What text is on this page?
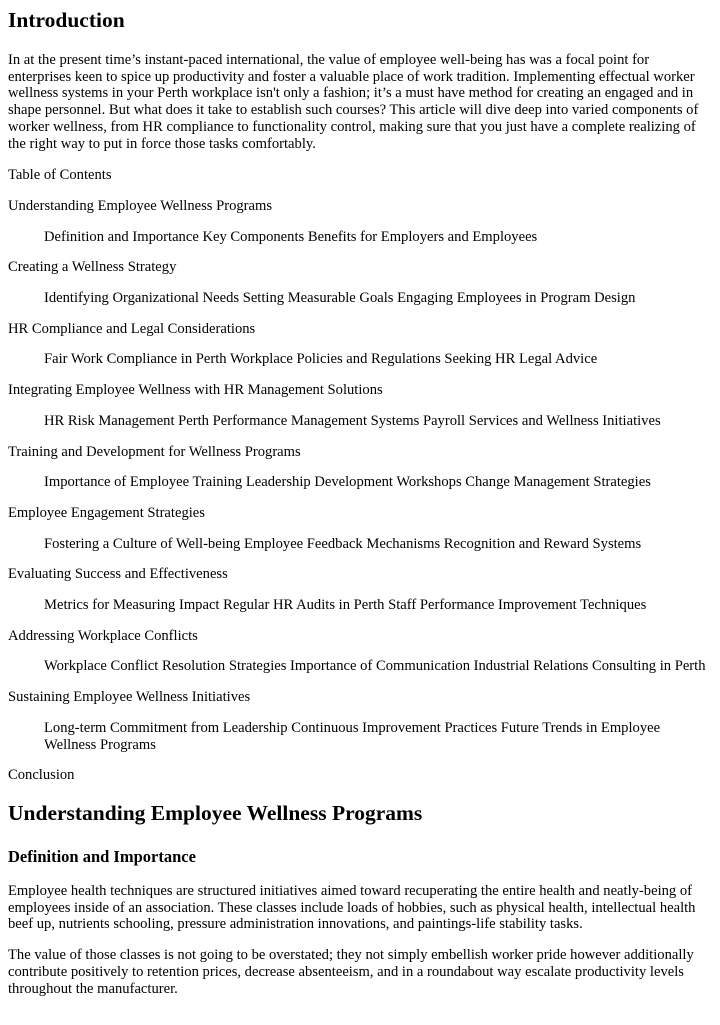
Introduction

In at the present time’s instant-paced international, the value of employee well-being has was a focal point for enterprises keen to spice up productivity and foster a valuable place of work tradition. Implementing effectual worker wellness systems in your Perth workplace isn't only a fashion; it’s a must have method for creating an engaged and in shape personnel. But what does it take to establish such courses? This article will dive deep into varied components of worker wellness, from HR compliance to functionality control, making sure that you just have a complete realizing of the right way to put in force those tasks comfortably.

Table of Contents

Understanding Employee Wellness Programs

Definition and Importance Key Components Benefits for Employers and Employees

Creating a Wellness Strategy

Identifying Organizational Needs Setting Measurable Goals Engaging Employees in Program Design

HR Compliance and Legal Considerations

Fair Work Compliance in Perth Workplace Policies and Regulations Seeking HR Legal Advice

Integrating Employee Wellness with HR Management Solutions

HR Risk Management Perth Performance Management Systems Payroll Services and Wellness Initiatives

Training and Development for Wellness Programs

Importance of Employee Training Leadership Development Workshops Change Management Strategies

Employee Engagement Strategies

Fostering a Culture of Well-being Employee Feedback Mechanisms Recognition and Reward Systems

Evaluating Success and Effectiveness

Metrics for Measuring Impact Regular HR Audits in Perth Staff Performance Improvement Techniques

Addressing Workplace Conflicts

Workplace Conflict Resolution Strategies Importance of Communication Industrial Relations Consulting in Perth

Sustaining Employee Wellness Initiatives

Long-term Commitment from Leadership Continuous Improvement Practices Future Trends in Employee Wellness Programs

Conclusion

Understanding Employee Wellness Programs
Definition and Importance

Employee health techniques are structured initiatives aimed toward recuperating the entire health and neatly-being of employees inside of an association. These classes include loads of hobbies, such as physical health, intellectual health beef up, nutrients schooling, pressure administration innovations, and paintings-life stability tasks.

The value of those classes is not going to be overstated; they not simply embellish worker pride however additionally contribute positively to retention prices, decrease absenteeism, and in a roundabout way escalate productivity levels throughout the manufacturer.
